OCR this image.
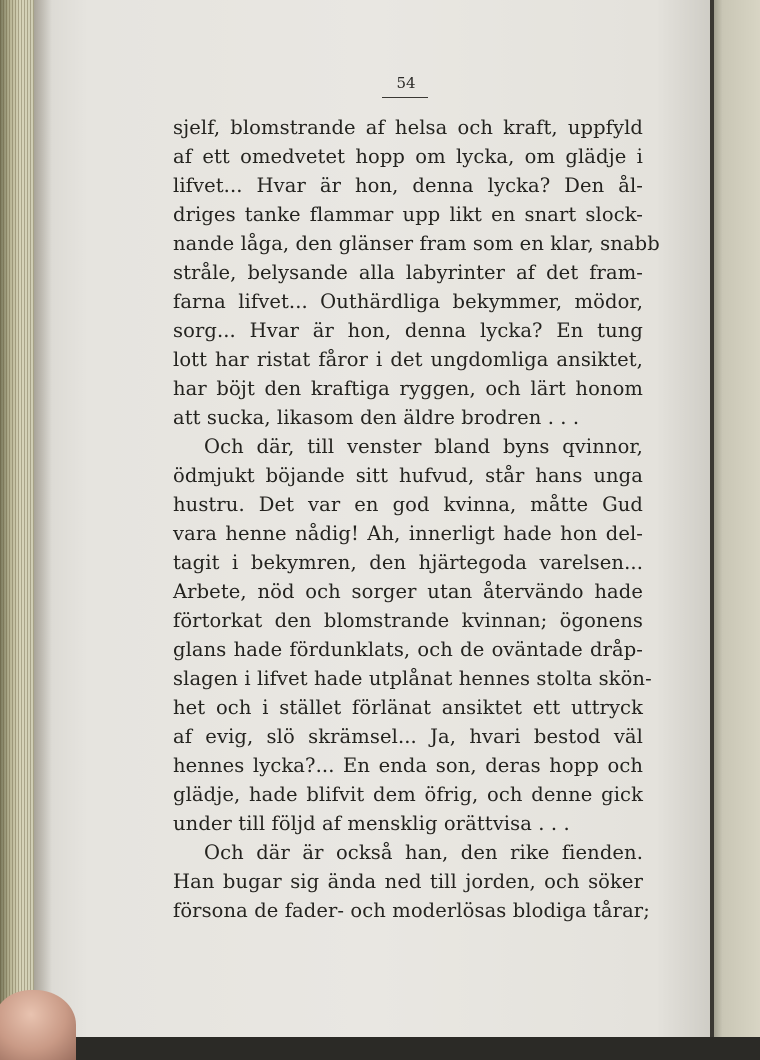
54

sjelf, blomstrande af helsa och kraft, uppfyld

af ett omedvetet hopp om lycka, om glädje i

lifvet... Hvar är hon, denna lycka? Den ål-

driges tanke flammar upp likt en snart slock-

nande låga, den glänser fram som en klar, snabb

stråle, belysande alla labyrinter af det fram-

farna lifvet... Outhärdliga bekymmer, mödor,

sorg... Hvar är hon, denna lycka? En tung

lott har ristat fåror i det ungdomliga ansiktet,

har böjt den kraftiga ryggen, och lärt honom

att sucka, likasom den äldre brodren . . .

Och där, till venster bland byns qvinnor,

ödmjukt böjande sitt hufvud, står hans unga

hustru. Det var en god kvinna, måtte Gud

vara henne nådig! Ah, innerligt hade hon del-

tagit i bekymren, den hjärtegoda varelsen...

Arbete, nöd och sorger utan återvändo hade

förtorkat den blomstrande kvinnan; ögonens

glans hade fördunklats, och de oväntade dråp-

slagen i lifvet hade utplånat hennes stolta skön-

het och i stället förlänat ansiktet ett uttryck

af evig, slö skrämsel... Ja, hvari bestod väl

hennes lycka?... En enda son, deras hopp och

glädje, hade blifvit dem öfrig, och denne gick

under till följd af mensklig orättvisa . . .

Och där är också han, den rike fienden.

Han bugar sig ända ned till jorden, och söker

försona de fader- och moderlösas blodiga tårar;
